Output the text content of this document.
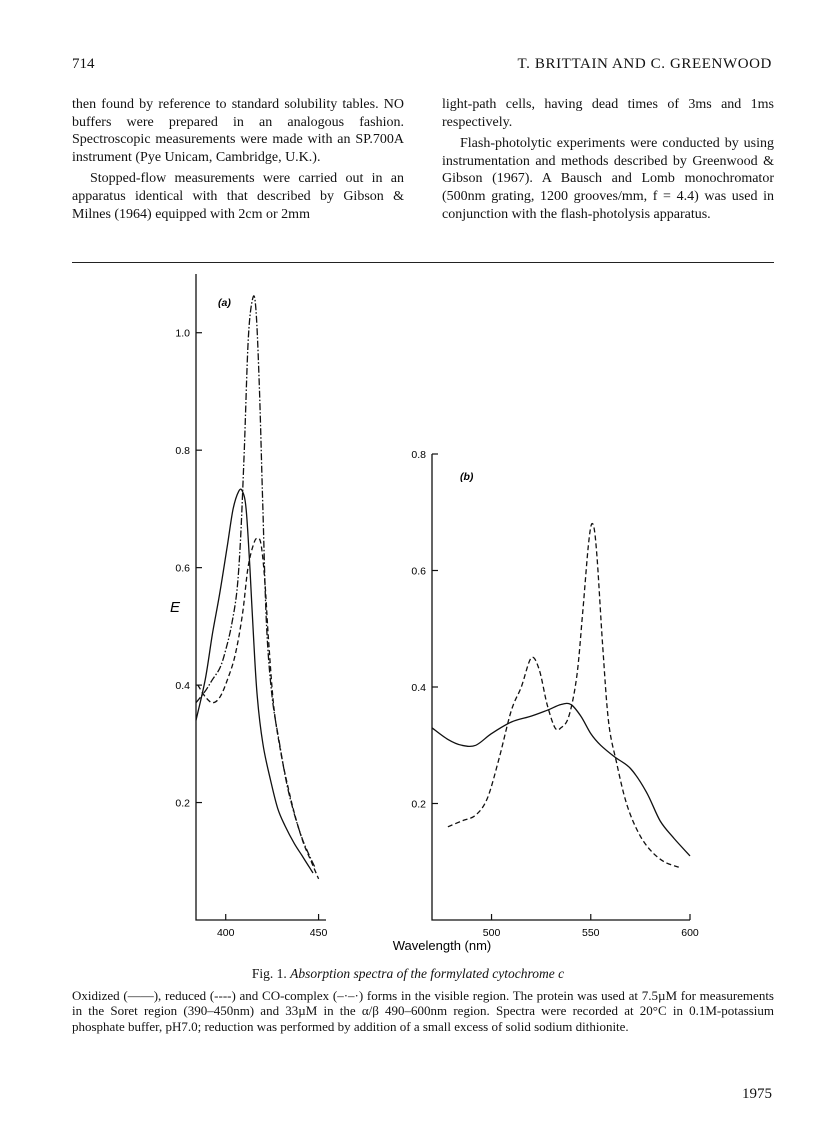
714	T. BRITTAIN AND C. GREENWOOD

then found by reference to standard solubility tables. NO buffers were prepared in an analogous fashion. Spectroscopic measurements were made with an SP.700A instrument (Pye Unicam, Cambridge, U.K.).

Stopped-flow measurements were carried out in an apparatus identical with that described by Gibson & Milnes (1964) equipped with 2cm or 2mm

light-path cells, having dead times of 3ms and 1ms respectively.

Flash-photolytic experiments were conducted by using instrumentation and methods described by Greenwood & Gibson (1967). A Bausch and Lomb monochromator (500nm grating, 1200 grooves/mm, f = 4.4) was used in conjunction with the flash-photolysis apparatus.

0.2
0.4
0.6
0.8
1.0
400	450
(a)
0.2
0.4
0.6
0.8
500	550	600
(b)
E
Wavelength (nm)
Fig. 1. Absorption spectra of the formylated cytochrome c
Oxidized (——), reduced (----) and CO-complex (–·–·) forms in the visible region. The protein was used at 7.5µM for measurements in the Soret region (390–450nm) and 33µM in the α/β 490–600nm region. Spectra were recorded at 20°C in 0.1M-potassium phosphate buffer, pH7.0; reduction was performed by addition of a small excess of solid sodium dithionite.
1975
